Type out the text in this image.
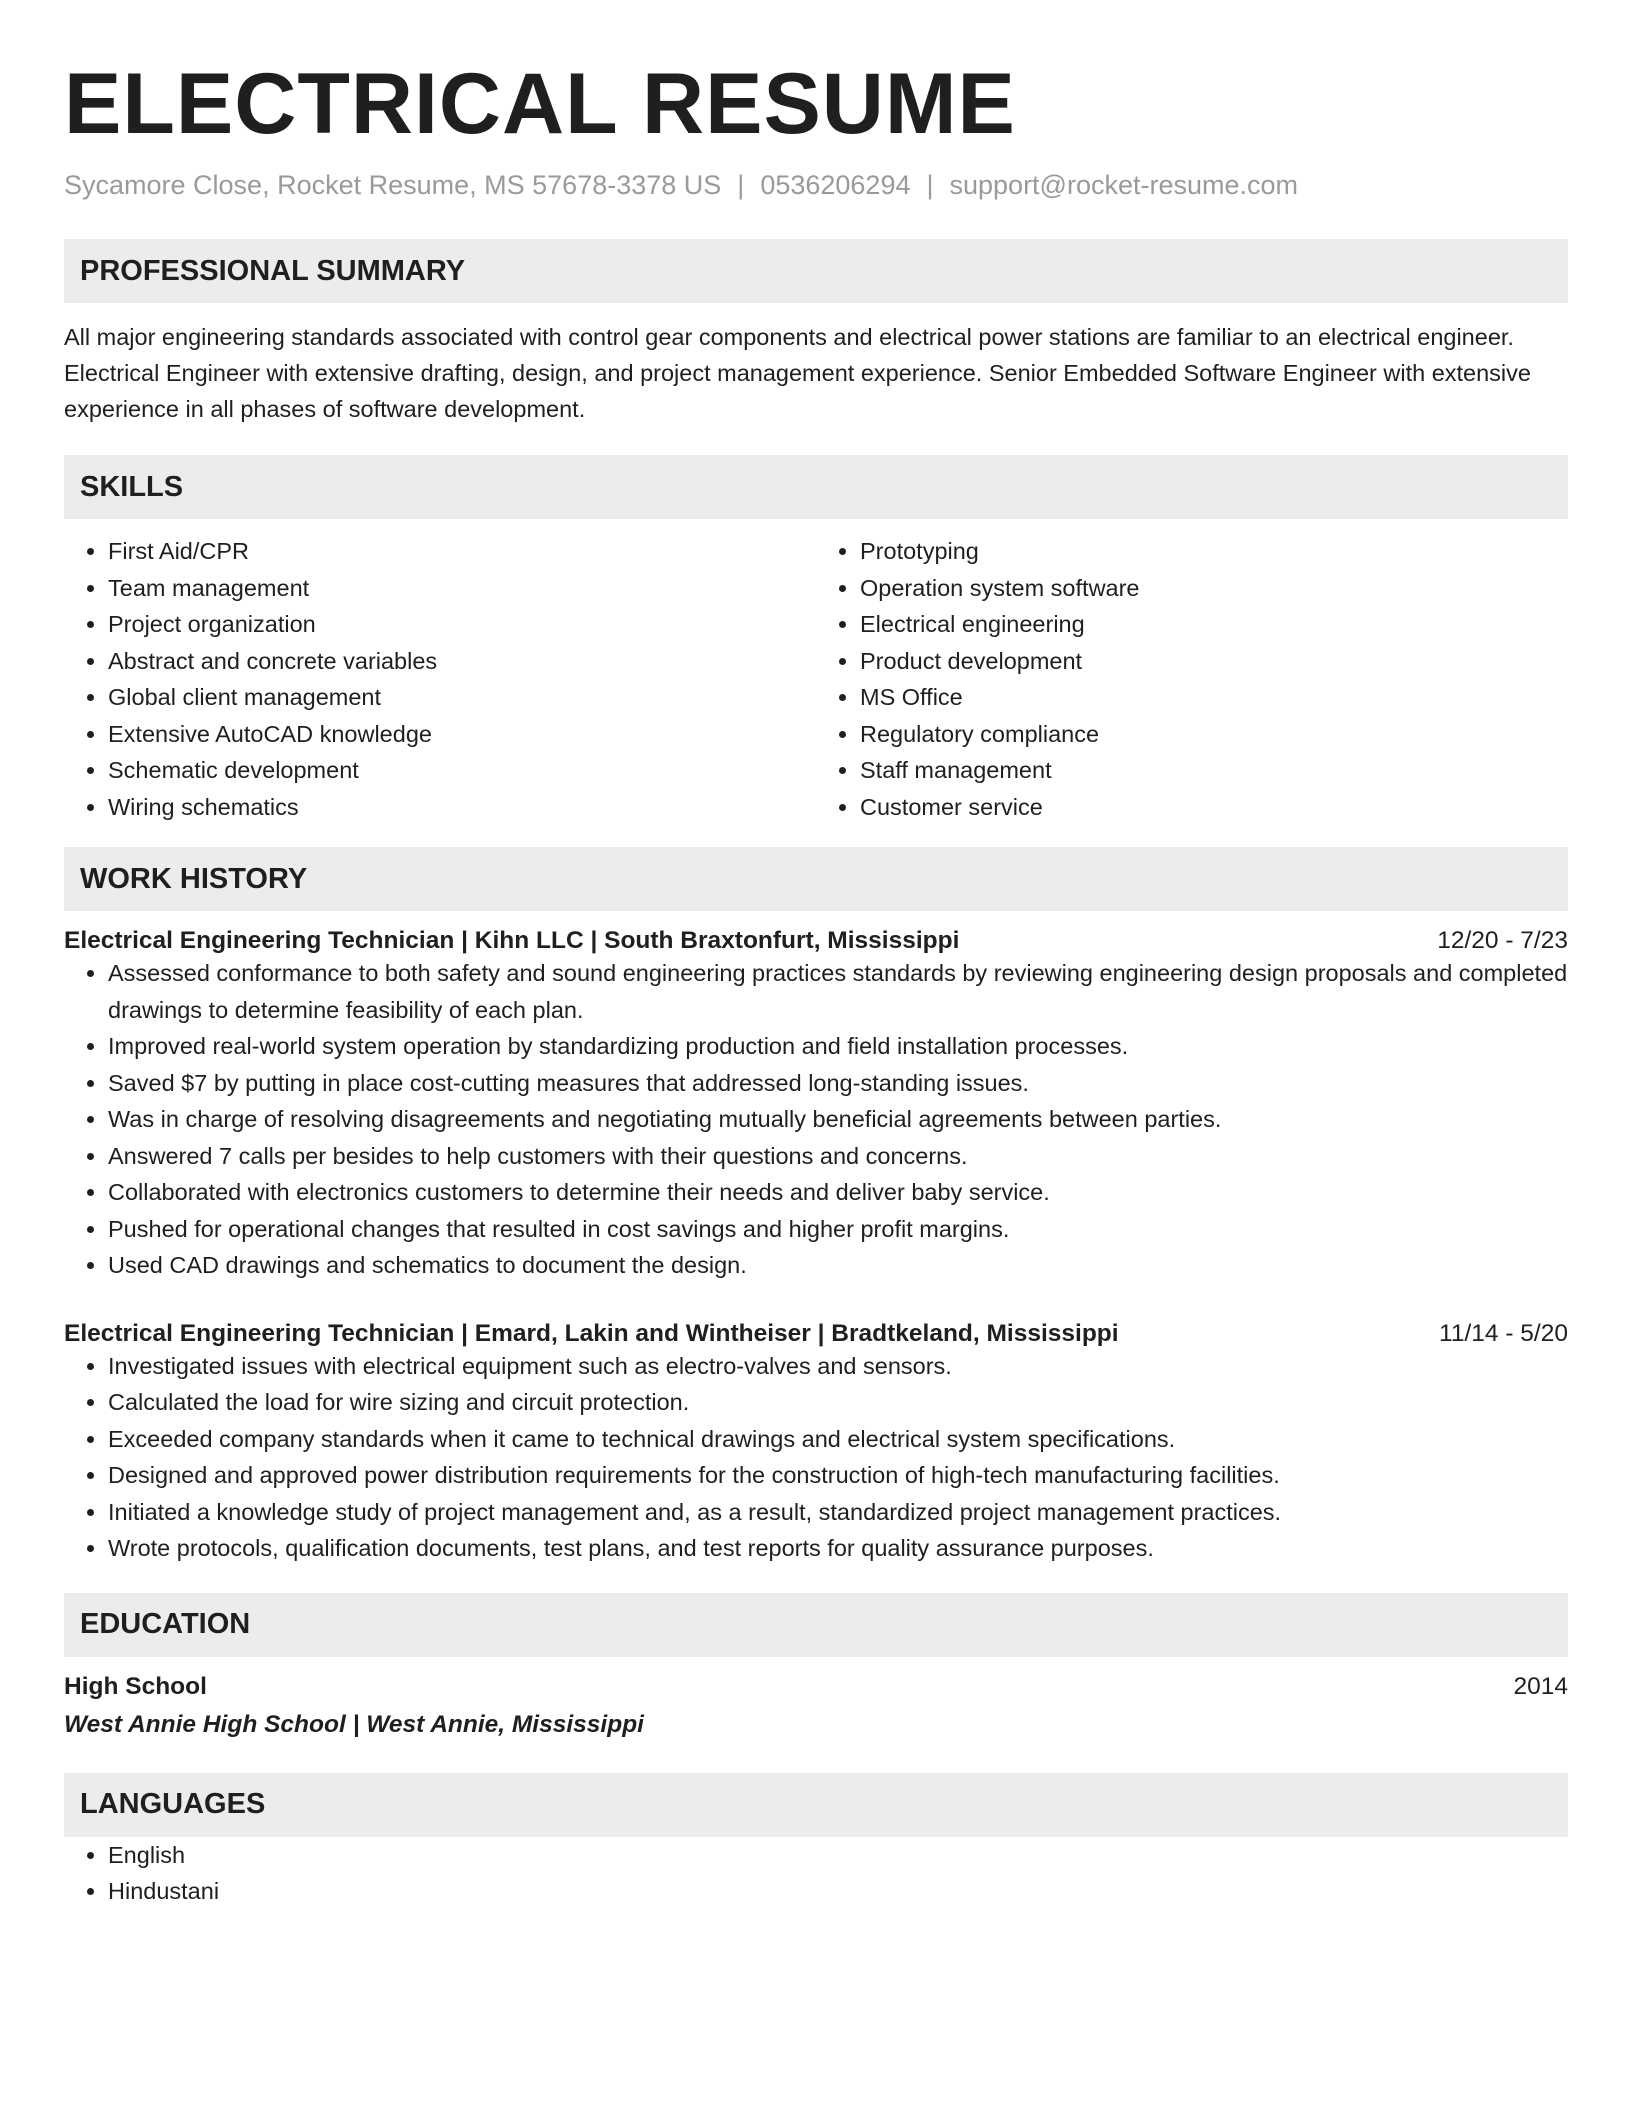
ELECTRICAL RESUME
Sycamore Close, Rocket Resume, MS 57678-3378 US | 0536206294 | support@rocket-resume.com
PROFESSIONAL SUMMARY

All major engineering standards associated with control gear components and electrical power stations are familiar to an electrical engineer. Electrical Engineer with extensive drafting, design, and project management experience. Senior Embedded Software Engineer with extensive experience in all phases of software development.

SKILLS
• First Aid/CPR
• Team management
• Project organization
• Abstract and concrete variables
• Global client management
• Extensive AutoCAD knowledge
• Schematic development
• Wiring schematics
• Prototyping
• Operation system software
• Electrical engineering
• Product development
• MS Office
• Regulatory compliance
• Staff management
• Customer service
WORK HISTORY
Electrical Engineering Technician | Kihn LLC | South Braxtonfurt, Mississippi	12/20 - 7/23
• Assessed conformance to both safety and sound engineering practices standards by reviewing engineering design proposals and completed drawings to determine feasibility of each plan.
• Improved real-world system operation by standardizing production and field installation processes.
• Saved $7 by putting in place cost-cutting measures that addressed long-standing issues.
• Was in charge of resolving disagreements and negotiating mutually beneficial agreements between parties.
• Answered 7 calls per besides to help customers with their questions and concerns.
• Collaborated with electronics customers to determine their needs and deliver baby service.
• Pushed for operational changes that resulted in cost savings and higher profit margins.
• Used CAD drawings and schematics to document the design.
Electrical Engineering Technician | Emard, Lakin and Wintheiser | Bradtkeland, Mississippi	11/14 - 5/20
• Investigated issues with electrical equipment such as electro-valves and sensors.
• Calculated the load for wire sizing and circuit protection.
• Exceeded company standards when it came to technical drawings and electrical system specifications.
• Designed and approved power distribution requirements for the construction of high-tech manufacturing facilities.
• Initiated a knowledge study of project management and, as a result, standardized project management practices.
• Wrote protocols, qualification documents, test plans, and test reports for quality assurance purposes.
EDUCATION
High School	2014
West Annie High School | West Annie, Mississippi
LANGUAGES
• English
• Hindustani
